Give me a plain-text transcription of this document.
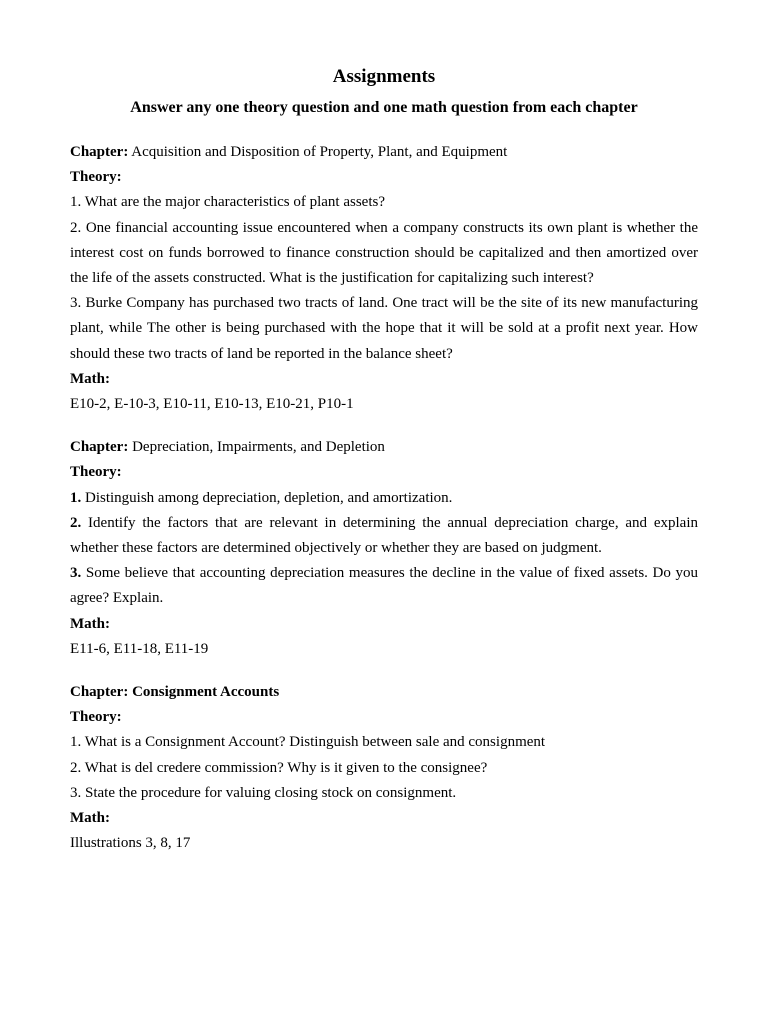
Assignments

Answer any one theory question and one math question from each chapter

Chapter: Acquisition and Disposition of Property, Plant, and Equipment

Theory:

1. What are the major characteristics of plant assets?

2. One financial accounting issue encountered when a company constructs its own plant is whether the interest cost on funds borrowed to finance construction should be capitalized and then amortized over the life of the assets constructed. What is the justification for capitalizing such interest?

3. Burke Company has purchased two tracts of land. One tract will be the site of its new manufacturing plant, while The other is being purchased with the hope that it will be sold at a profit next year. How should these two tracts of land be reported in the balance sheet?

Math:

E10-2, E-10-3, E10-11, E10-13, E10-21, P10-1

Chapter: Depreciation, Impairments, and Depletion

Theory:

1. Distinguish among depreciation, depletion, and amortization.

2. Identify the factors that are relevant in determining the annual depreciation charge, and explain whether these factors are determined objectively or whether they are based on judgment.

3. Some believe that accounting depreciation measures the decline in the value of fixed assets. Do you agree? Explain.

Math:

E11-6, E11-18, E11-19

Chapter: Consignment Accounts

Theory:

1. What is a Consignment Account? Distinguish between sale and consignment

2. What is del credere commission? Why is it given to the consignee?

3. State the procedure for valuing closing stock on consignment.

Math:

Illustrations 3, 8, 17
